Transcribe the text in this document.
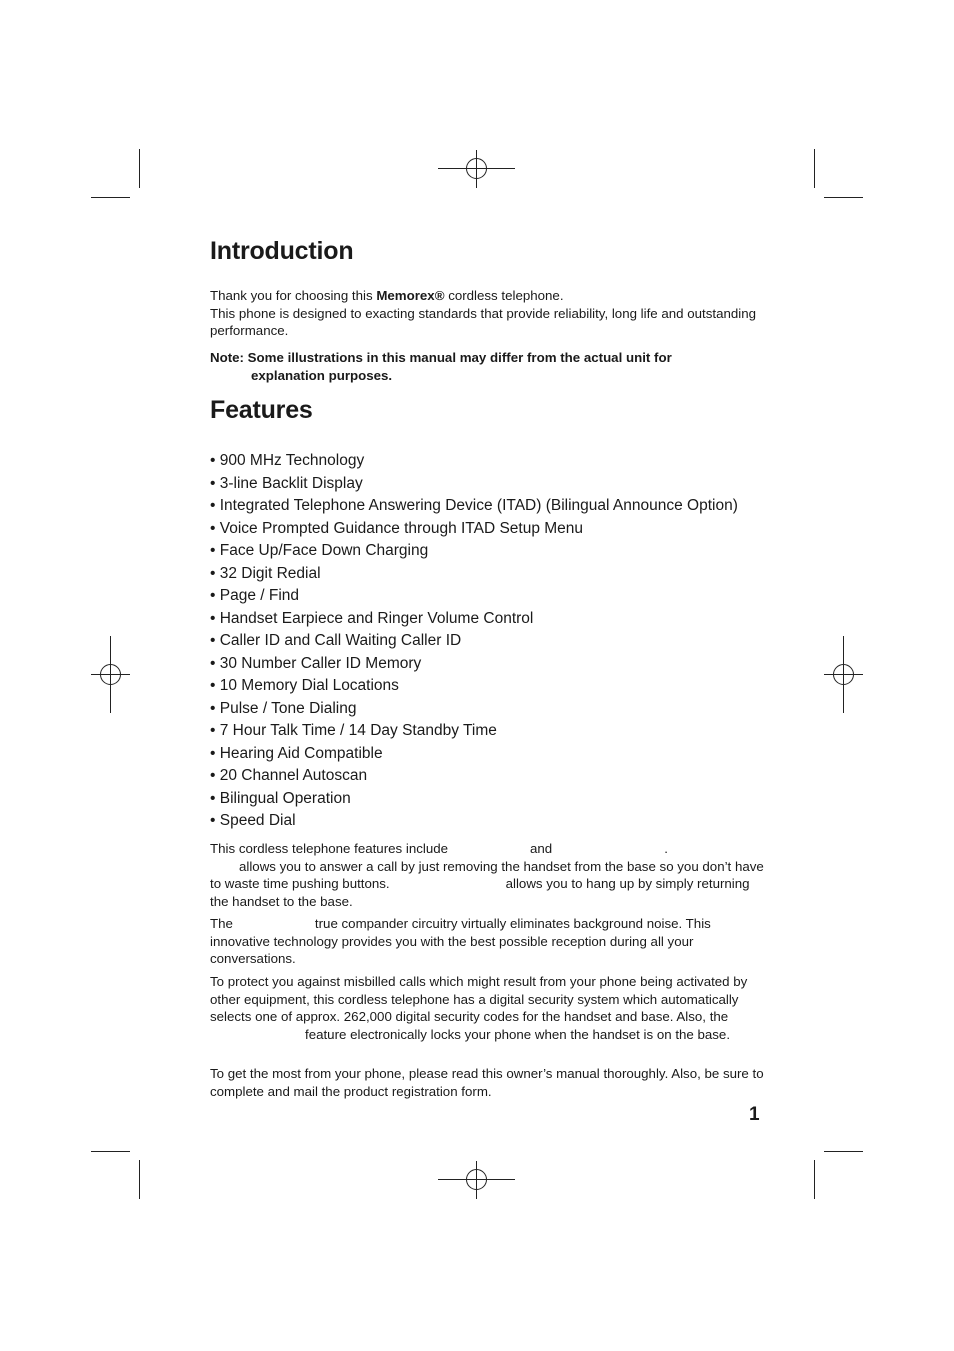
Introduction

Thank you for choosing this Memorex® cordless telephone.
This phone is designed to exacting standards that provide reliability, long life and outstanding performance.

Note: Some illustrations in this manual may differ from the actual unit for
explanation purposes.

Features
• 900 MHz Technology
• 3-line Backlit Display
• Integrated Telephone Answering Device (ITAD) (Bilingual Announce Option)
• Voice Prompted Guidance through ITAD Setup Menu
• Face Up/Face Down Charging
• 32 Digit Redial
• Page / Find
• Handset Earpiece and Ringer Volume Control
• Caller ID and Call Waiting Caller ID
• 30 Number Caller ID Memory
• 10 Memory Dial Locations
• Pulse / Tone Dialing
• 7 Hour Talk Time / 14 Day Standby Time
• Hearing Aid Compatible
• 20 Channel Autoscan
• Bilingual Operation
• Speed Dial

This cordless telephone features include	and	.
allows you to answer a call by just removing the handset from the base so you don’t have to waste time pushing buttons.	allows you to hang up by simply returning the handset to the base.

The	true compander circuitry virtually eliminates background noise. This innovative technology provides you with the best possible reception during all your conversations.

To protect you against misbilled calls which might result from your phone being activated by other equipment, this cordless telephone has a digital security system which automatically selects one of approx. 262,000 digital security codes for the handset and base. Also, thefeature electronically locks your phone when the handset is on the base.

To get the most from your phone, please read this owner’s manual thoroughly. Also, be sure to complete and mail the product registration form.

1
